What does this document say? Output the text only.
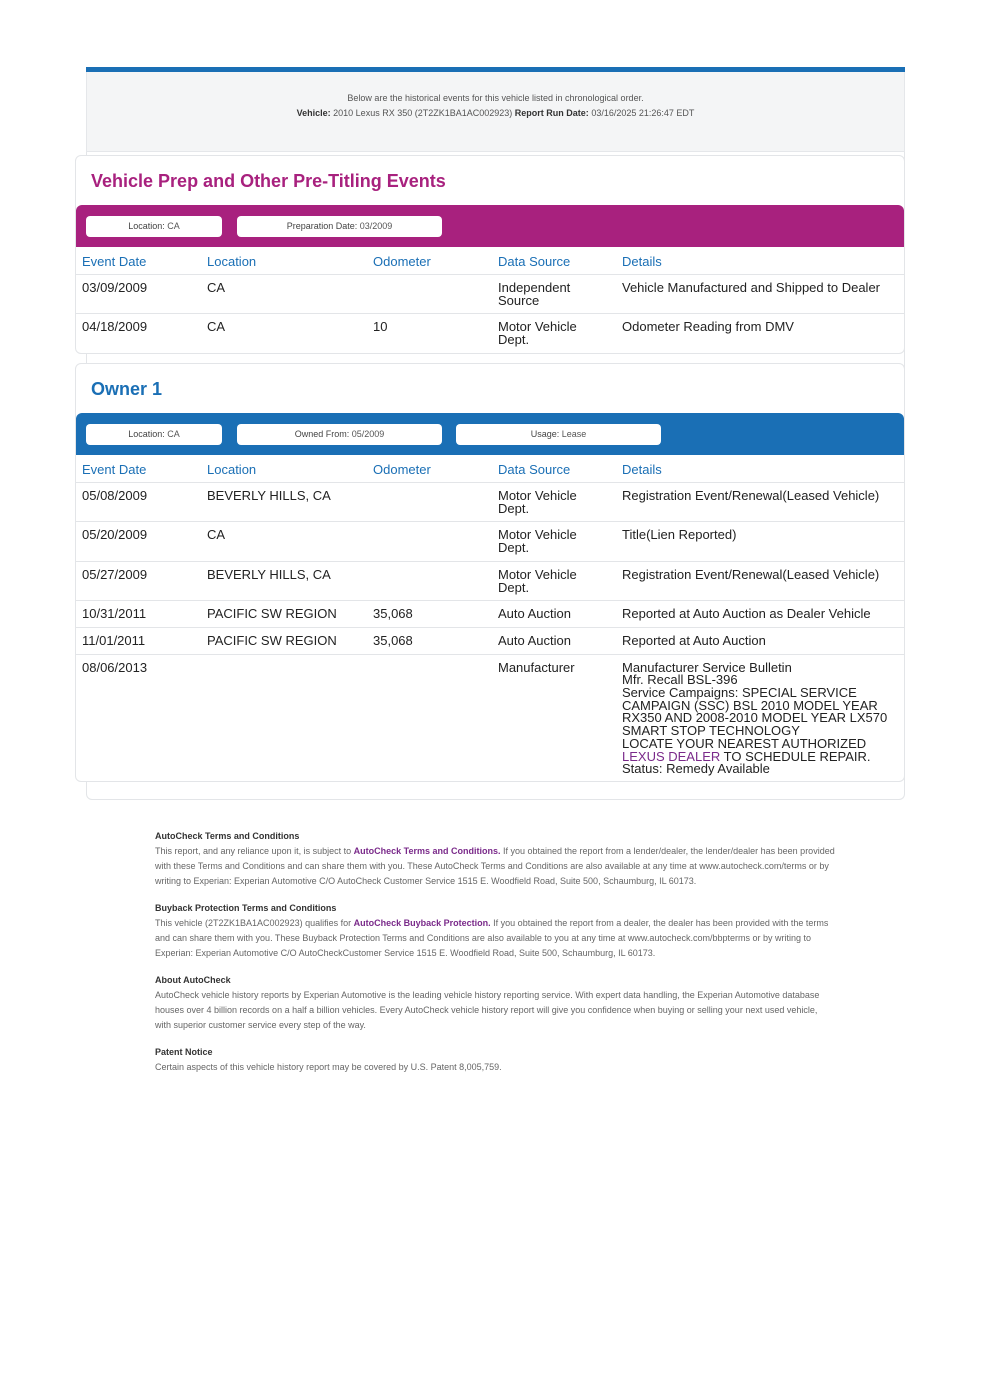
Below are the historical events for this vehicle listed in chronological order.
Vehicle: 2010 Lexus RX 350 (2T2ZK1BA1AC002923) Report Run Date: 03/16/2025 21:26:47 EDT
Vehicle Prep and Other Pre-Titling Events
Location: CA	Preparation Date: 03/2009
Event Date	Location	Odometer	Data Source	Details
03/09/2009	CA		Independent Source	Vehicle Manufactured and Shipped to Dealer
04/18/2009	CA	10	Motor Vehicle Dept.	Odometer Reading from DMV
Owner 1
Location: CA	Owned From: 05/2009	Usage: Lease
Event Date	Location	Odometer	Data Source	Details
05/08/2009	BEVERLY HILLS, CA		Motor Vehicle Dept.	Registration Event/Renewal(Leased Vehicle)
05/20/2009	CA		Motor Vehicle Dept.	Title(Lien Reported)
05/27/2009	BEVERLY HILLS, CA		Motor Vehicle Dept.	Registration Event/Renewal(Leased Vehicle)
10/31/2011	PACIFIC SW REGION	35,068	Auto Auction	Reported at Auto Auction as Dealer Vehicle
11/01/2011	PACIFIC SW REGION	35,068	Auto Auction	Reported at Auto Auction
08/06/2013			Manufacturer	Manufacturer Service Bulletin
Mfr. Recall BSL-396
Service Campaigns: SPECIAL SERVICE CAMPAIGN (SSC) BSL 2010 MODEL YEAR RX350 AND 2008-2010 MODEL YEAR LX570 SMART STOP TECHNOLOGY
LOCATE YOUR NEAREST AUTHORIZED LEXUS DEALER TO SCHEDULE REPAIR.
Status: Remedy Available
AutoCheck Terms and Conditions

This report, and any reliance upon it, is subject to AutoCheck Terms and Conditions. If you obtained the report from a lender/dealer, the lender/dealer has been provided with these Terms and Conditions and can share them with you. These AutoCheck Terms and Conditions are also available at any time at www.autocheck.com/terms or by writing to Experian: Experian Automotive C/O AutoCheck Customer Service 1515 E. Woodfield Road, Suite 500, Schaumburg, IL 60173.

Buyback Protection Terms and Conditions

This vehicle (2T2ZK1BA1AC002923) qualifies for AutoCheck Buyback Protection. If you obtained the report from a dealer, the dealer has been provided with the terms and can share them with you. These Buyback Protection Terms and Conditions are also available to you at any time at www.autocheck.com/bbpterms or by writing to Experian: Experian Automotive C/O AutoCheckCustomer Service 1515 E. Woodfield Road, Suite 500, Schaumburg, IL 60173.

About AutoCheck

AutoCheck vehicle history reports by Experian Automotive is the leading vehicle history reporting service. With expert data handling, the Experian Automotive database houses over 4 billion records on a half a billion vehicles. Every AutoCheck vehicle history report will give you confidence when buying or selling your next used vehicle, with superior customer service every step of the way.

Patent Notice

Certain aspects of this vehicle history report may be covered by U.S. Patent 8,005,759.
